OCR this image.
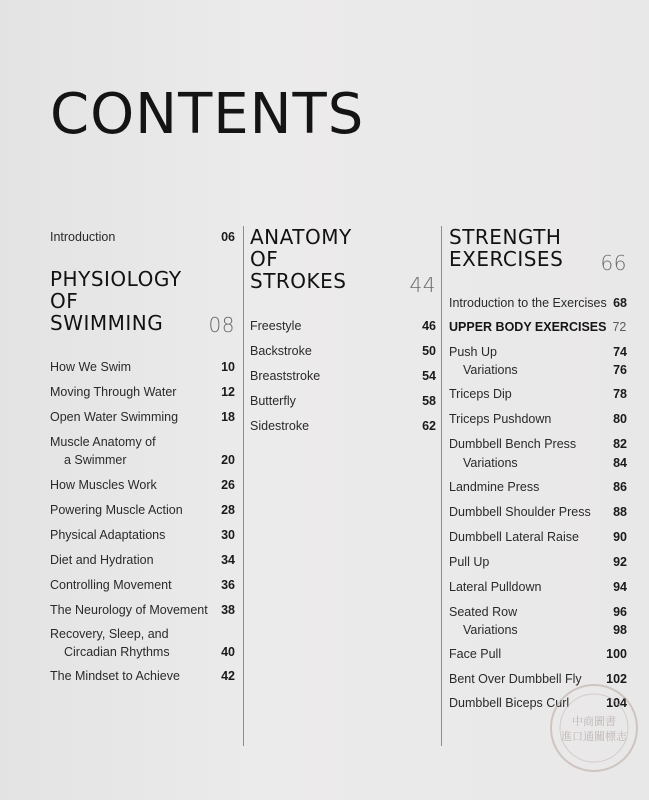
CONTENTS
Introduction	06
PHYSIOLOGY
OF
SWIMMING	08
How We Swim	10
Moving Through Water	12
Open Water Swimming	18
Muscle Anatomy of
a Swimmer	20
How Muscles Work	26
Powering Muscle Action	28
Physical Adaptations	30
Diet and Hydration	34
Controlling Movement	36
The Neurology of Movement 38
Recovery, Sleep, and
Circadian Rhythms	40
The Mindset to Achieve	42
ANATOMY
OF
STROKES	44
Freestyle	46
Backstroke	50
Breaststroke	54
Butterfly	58
Sidestroke	62
STRENGTH
EXERCISES	66
Introduction to the Exercises 68
UPPER BODY EXERCISES 72
Push Up	74
Variations	76
Triceps Dip	78
Triceps Pushdown	80
Dumbbell Bench Press	82
Variations	84
Landmine Press	86
Dumbbell Shoulder Press 88
Dumbbell Lateral Raise	90
Pull Up	92
Lateral Pulldown	94
Seated Row	96
Variations	98
Face Pull	100
Bent Over Dumbbell Fly 102
Dumbbell Biceps Curl	104
中商圖書
進口通關標志
